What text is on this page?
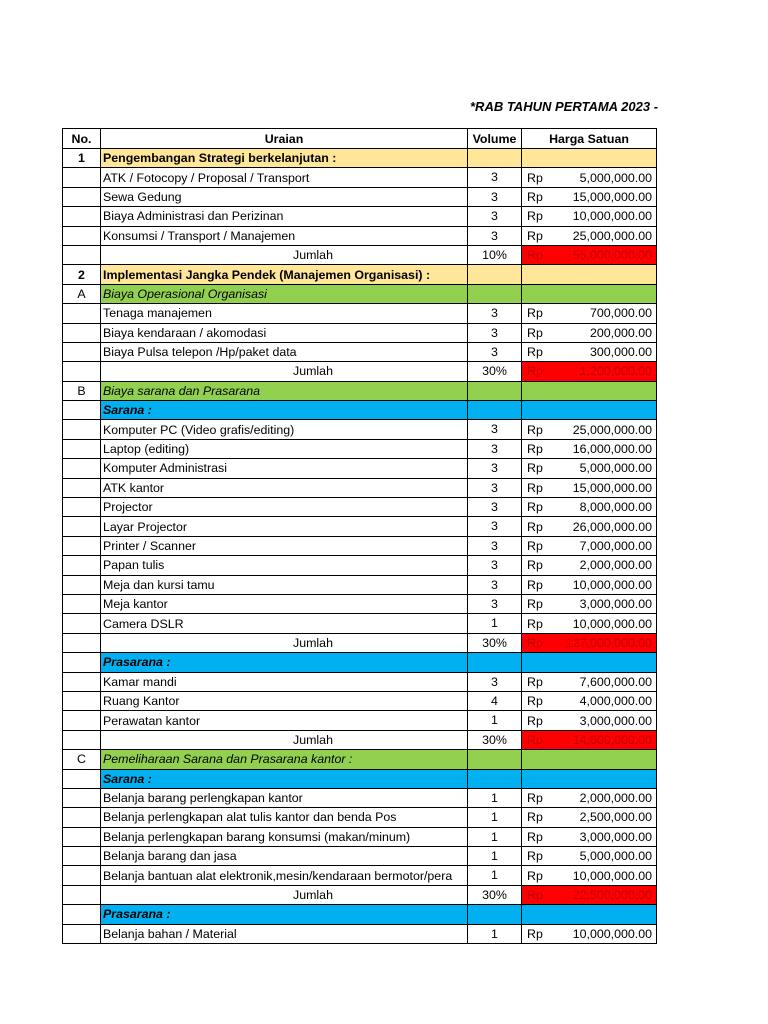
*RAB TAHUN PERTAMA 2023 -
No.	Uraian	Volume	Harga Satuan	
1	Pengembangan Strategi berkelanjutan :			
	ATK / Fotocopy / Proposal / Transport	3	Rp	5,000,000.00
	Sewa Gedung	3	Rp	15,000,000.00
	Biaya Administrasi dan Perizinan	3	Rp	10,000,000.00
	Konsumsi / Transport / Manajemen	3	Rp	25,000,000.00
	Jumlah	10%	Rp	55,000,000.00
2	Implementasi Jangka Pendek (Manajemen Organisasi) :			
A	Biaya Operasional Organisasi			
	Tenaga manajemen	3	Rp	700,000.00
	Biaya kendaraan / akomodasi	3	Rp	200,000.00
	Biaya Pulsa telepon /Hp/paket data	3	Rp	300,000.00
	Jumlah	30%	Rp	1,200,000.00
B	Biaya sarana dan Prasarana			
	Sarana :			
	Komputer PC (Video grafis/editing)	3	Rp	25,000,000.00
	Laptop (editing)	3	Rp	16,000,000.00
	Komputer Administrasi	3	Rp	5,000,000.00
	ATK kantor	3	Rp	15,000,000.00
	Projector	3	Rp	8,000,000.00
	Layar Projector	3	Rp	26,000,000.00
	Printer / Scanner	3	Rp	7,000,000.00
	Papan tulis	3	Rp	2,000,000.00
	Meja dan kursi tamu	3	Rp	10,000,000.00
	Meja kantor	3	Rp	3,000,000.00
	Camera DSLR	1	Rp	10,000,000.00
	Jumlah	30%	Rp	127,000,000.00
	Prasarana :			
	Kamar mandi	3	Rp	7,600,000.00
	Ruang Kantor	4	Rp	4,000,000.00
	Perawatan kantor	1	Rp	3,000,000.00
	Jumlah	30%	Rp	14,600,000.00
C	Pemeliharaan Sarana dan Prasarana kantor :			
	Sarana :			
	Belanja barang perlengkapan kantor	1	Rp	2,000,000.00
	Belanja perlengkapan alat tulis kantor dan benda Pos	1	Rp	2,500,000.00
	Belanja perlengkapan barang konsumsi (makan/minum)	1	Rp	3,000,000.00
	Belanja barang dan jasa	1	Rp	5,000,000.00
	Belanja bantuan alat elektronik,mesin/kendaraan bermotor/pera	1	Rp	10,000,000.00
	Jumlah	30%	Rp	22,500,000.00
	Prasarana :			
	Belanja bahan / Material	1	Rp	10,000,000.00
